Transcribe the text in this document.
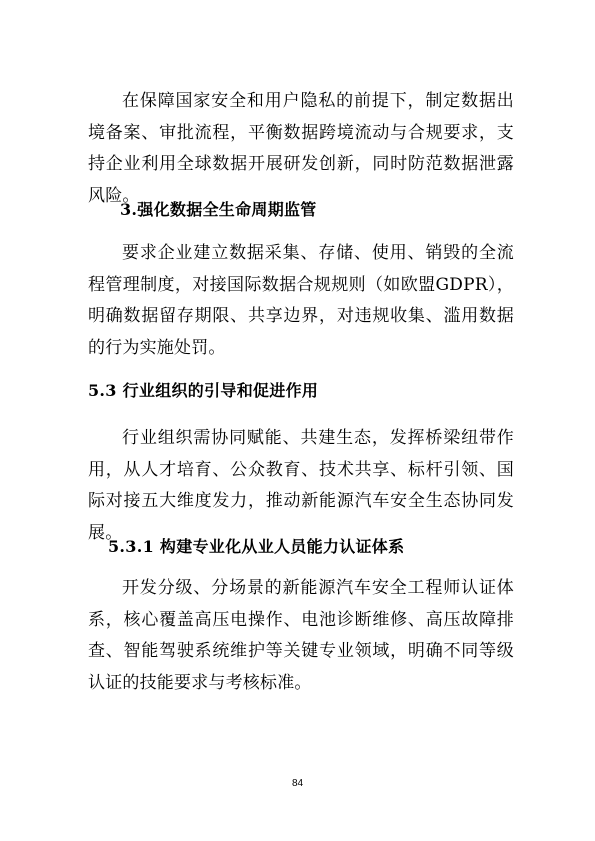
在保障国家安全和用户隐私的前提下，制定数据出境备案、审批流程，平衡数据跨境流动与合规要求，支持企业利用全球数据开展研发创新，同时防范数据泄露风险。

3.强化数据全生命周期监管

要求企业建立数据采集、存储、使用、销毁的全流程管理制度，对接国际数据合规规则（如欧盟GDPR），明确数据留存期限、共享边界，对违规收集、滥用数据的行为实施处罚。

5.3 行业组织的引导和促进作用

行业组织需协同赋能、共建生态，发挥桥梁纽带作用，从人才培育、公众教育、技术共享、标杆引领、国际对接五大维度发力，推动新能源汽车安全生态协同发展。

5.3.1 构建专业化从业人员能力认证体系

开发分级、分场景的新能源汽车安全工程师认证体系，核心覆盖高压电操作、电池诊断维修、高压故障排查、智能驾驶系统维护等关键专业领域，明确不同等级认证的技能要求与考核标准。

84
